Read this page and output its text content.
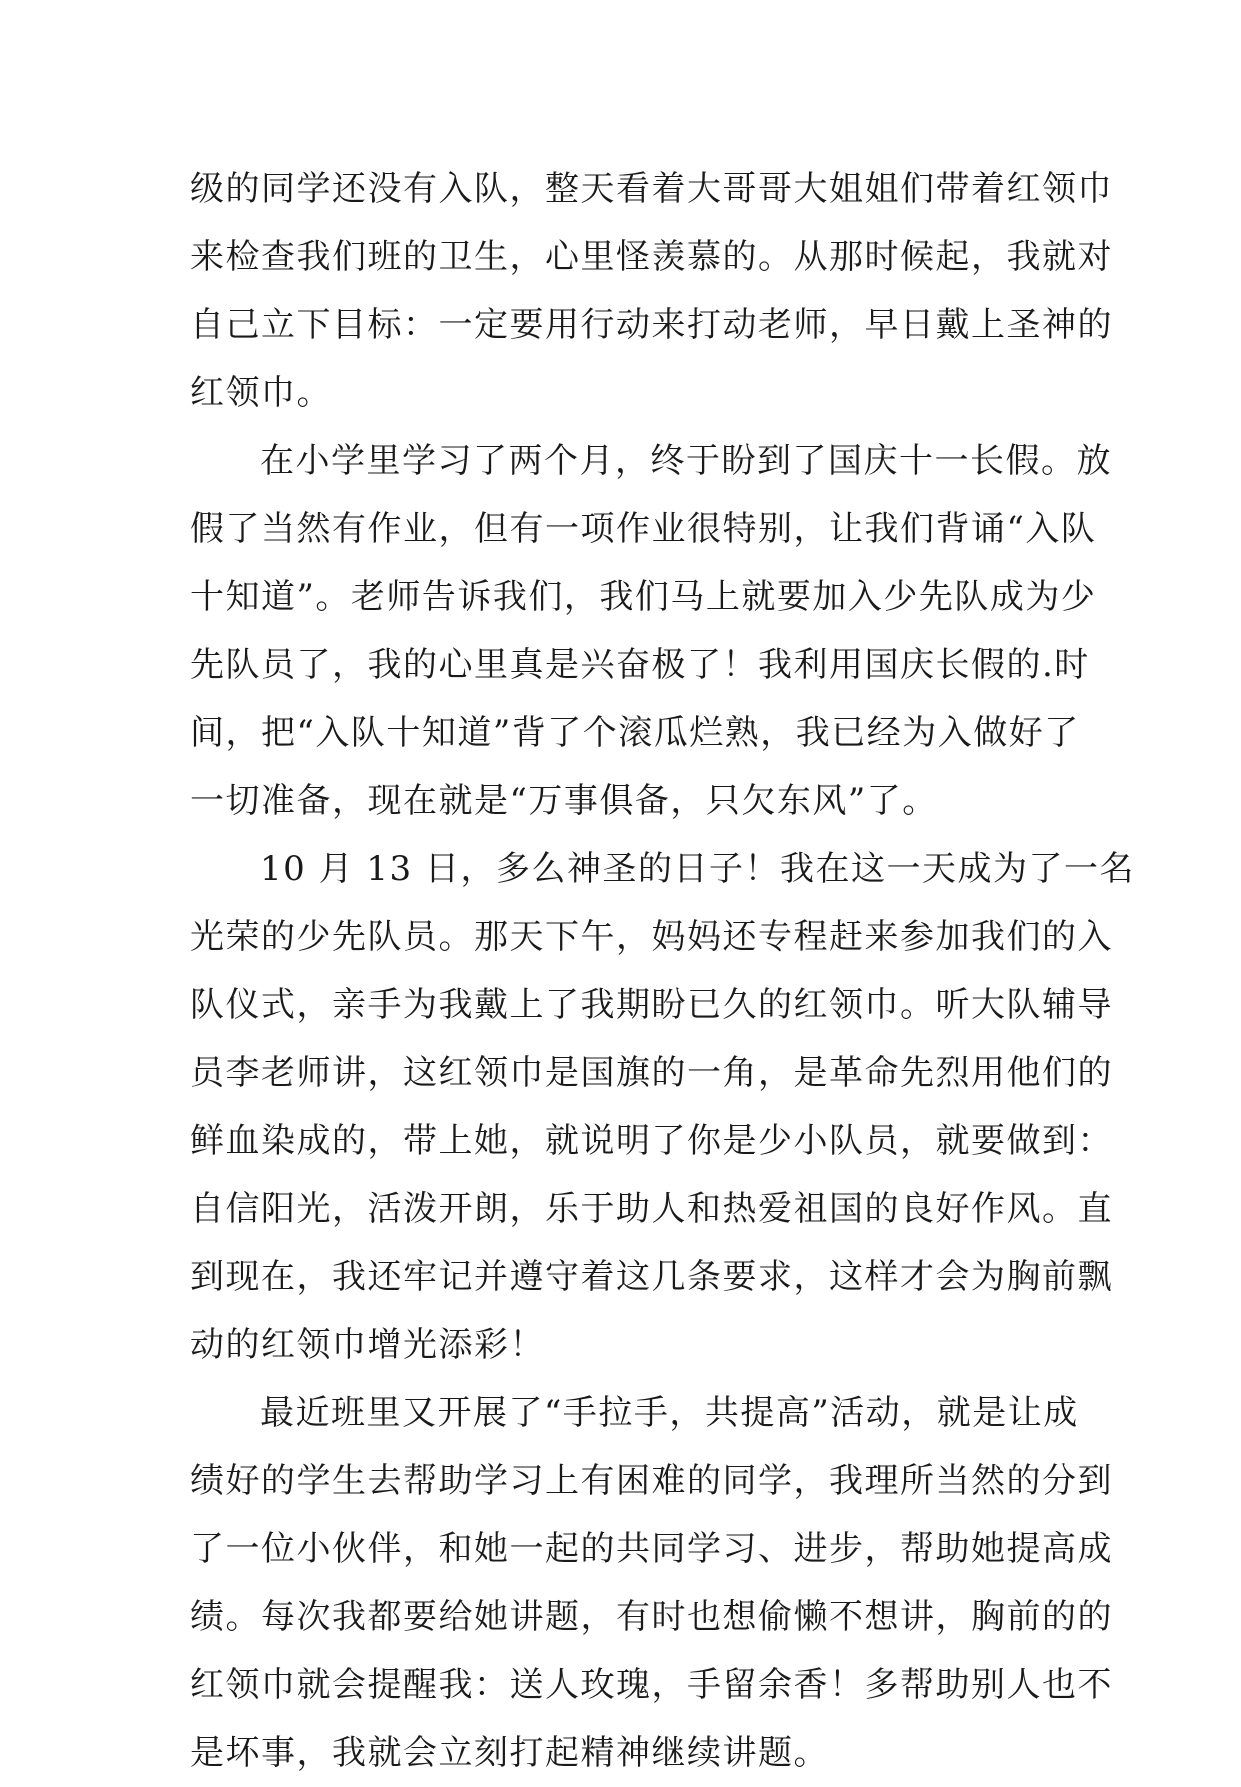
级的同学还没有入队，整天看着大哥哥大姐姐们带着红领巾
来检查我们班的卫生，心里怪羡慕的。从那时候起，我就对
自己立下目标：一定要用行动来打动老师，早日戴上圣神的
红领巾。
在小学里学习了两个月，终于盼到了国庆十一长假。放
假了当然有作业，但有一项作业很特别，让我们背诵“入队
十知道”。老师告诉我们，我们马上就要加入少先队成为少
先队员了，我的心里真是兴奋极了！我利用国庆长假的.时
间，把“入队十知道”背了个滚瓜烂熟，我已经为入做好了
一切准备，现在就是“万事俱备，只欠东风”了。
10 月 13 日，多么神圣的日子！我在这一天成为了一名
光荣的少先队员。那天下午，妈妈还专程赶来参加我们的入
队仪式，亲手为我戴上了我期盼已久的红领巾。听大队辅导
员李老师讲，这红领巾是国旗的一角，是革命先烈用他们的
鲜血染成的，带上她，就说明了你是少小队员，就要做到：
自信阳光，活泼开朗，乐于助人和热爱祖国的良好作风。直
到现在，我还牢记并遵守着这几条要求，这样才会为胸前飘
动的红领巾增光添彩！
最近班里又开展了“手拉手，共提高”活动，就是让成
绩好的学生去帮助学习上有困难的同学，我理所当然的分到
了一位小伙伴，和她一起的共同学习、进步，帮助她提高成
绩。每次我都要给她讲题，有时也想偷懒不想讲，胸前的的
红领巾就会提醒我：送人玫瑰，手留余香！多帮助别人也不
是坏事，我就会立刻打起精神继续讲题。
